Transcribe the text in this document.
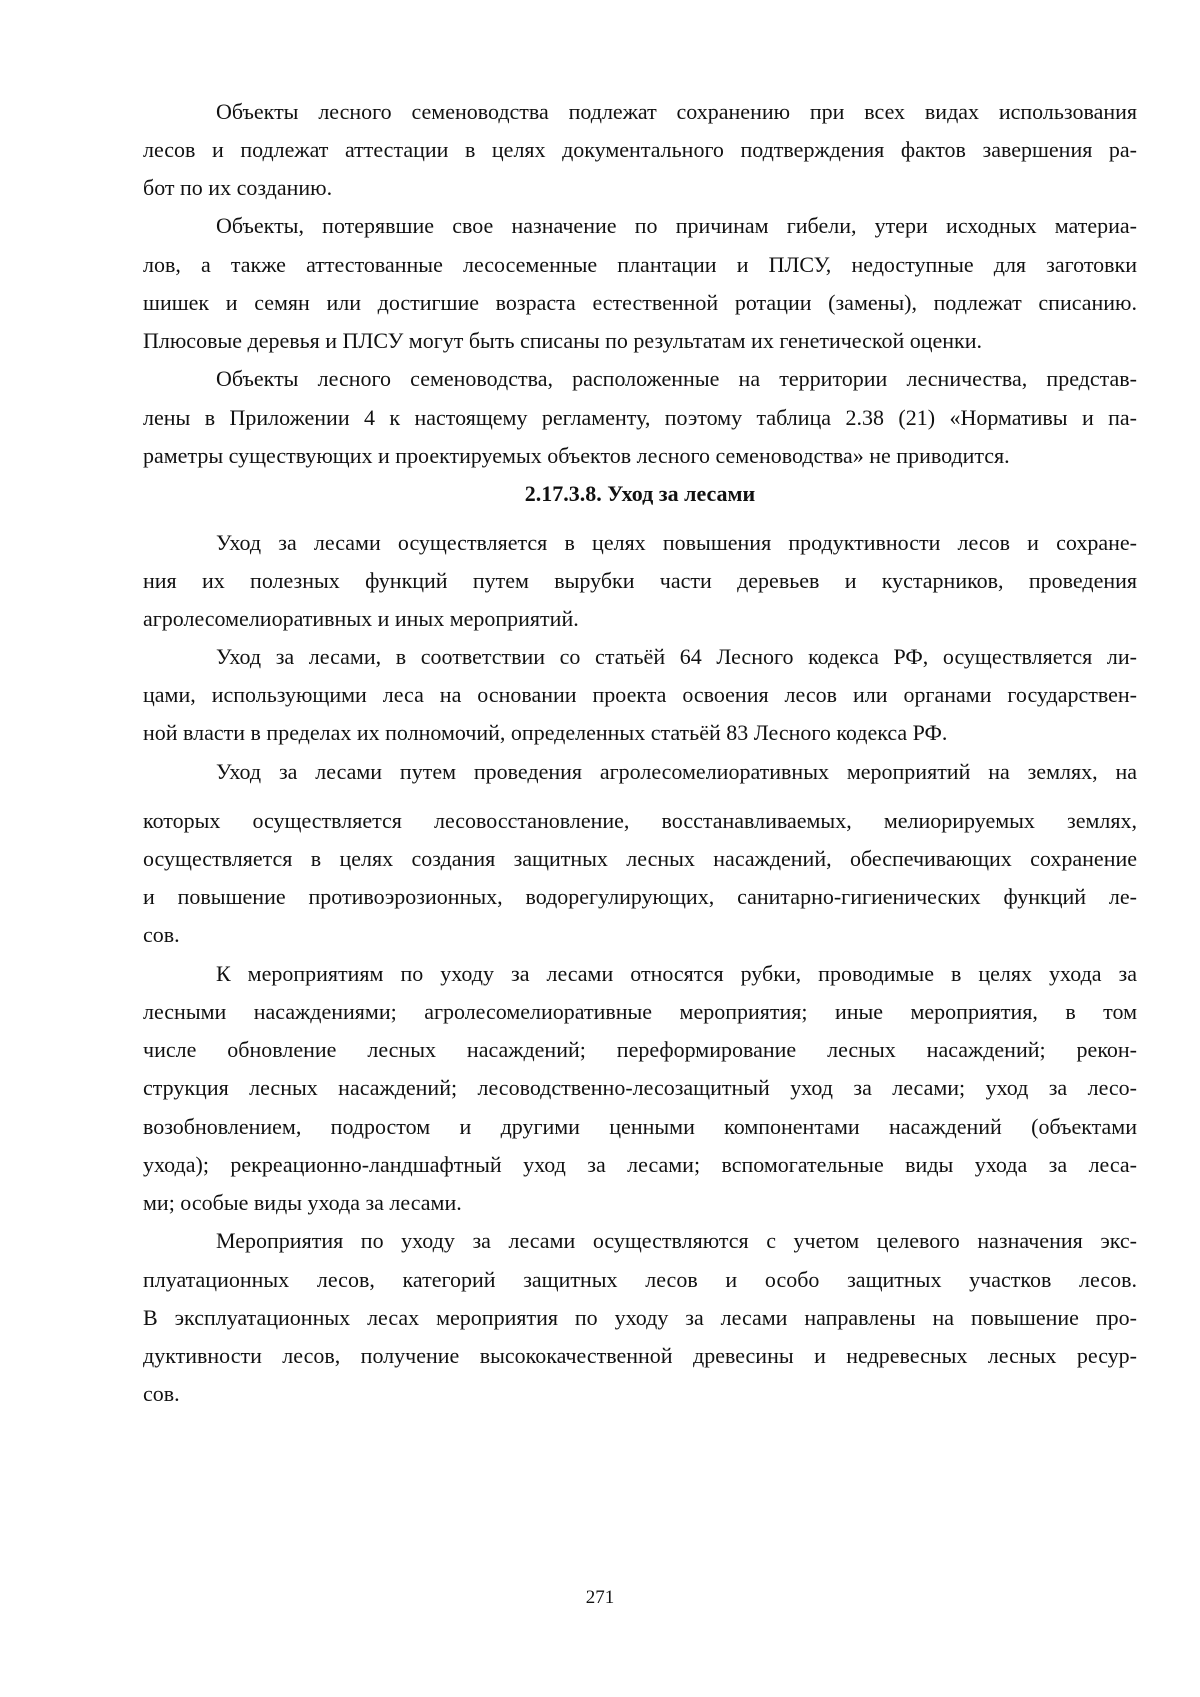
Объекты лесного семеноводства подлежат сохранению при всех видах использования
лесов и подлежат аттестации в целях документального подтверждения фактов завершения ра-
бот по их созданию.
Объекты, потерявшие свое назначение по причинам гибели, утери исходных материа-
лов, а также аттестованные лесосеменные плантации и ПЛСУ, недоступные для заготовки
шишек и семян или достигшие возраста естественной ротации (замены), подлежат списанию.
Плюсовые деревья и ПЛСУ могут быть списаны по результатам их генетической оценки.
Объекты лесного семеноводства, расположенные на территории лесничества, представ-
лены в Приложении 4 к настоящему регламенту, поэтому таблица 2.38 (21) «Нормативы и па-
раметры существующих и проектируемых объектов лесного семеноводства» не приводится.
2.17.3.8. Уход за лесами
Уход за лесами осуществляется в целях повышения продуктивности лесов и сохране-
ния их полезных функций путем вырубки части деревьев и кустарников, проведения
агролесомелиоративных и иных мероприятий.
Уход за лесами, в соответствии со статьёй 64 Лесного кодекса РФ, осуществляется ли-
цами, использующими леса на основании проекта освоения лесов или органами государствен-
ной власти в пределах их полномочий, определенных статьёй 83 Лесного кодекса РФ.
Уход за лесами путем проведения агролесомелиоративных мероприятий на землях, на
которых осуществляется лесовосстановление, восстанавливаемых, мелиорируемых землях,
осуществляется в целях создания защитных лесных насаждений, обеспечивающих сохранение
и повышение противоэрозионных, водорегулирующих, санитарно-гигиенических функций ле-
сов.
К мероприятиям по уходу за лесами относятся рубки, проводимые в целях ухода за
лесными насаждениями; агролесомелиоративные мероприятия; иные мероприятия, в том
числе обновление лесных насаждений; переформирование лесных насаждений; рекон-
струкция лесных насаждений; лесоводственно-лесозащитный уход за лесами; уход за лесо-
возобновлением, подростом и другими ценными компонентами насаждений (объектами
ухода); рекреационно-ландшафтный уход за лесами; вспомогательные виды ухода за леса-
ми; особые виды ухода за лесами.
Мероприятия по уходу за лесами осуществляются с учетом целевого назначения экс-
плуатационных лесов, категорий защитных лесов и особо защитных участков лесов.
В эксплуатационных лесах мероприятия по уходу за лесами направлены на повышение про-
дуктивности лесов, получение высококачественной древесины и недревесных лесных ресур-
сов.
271
